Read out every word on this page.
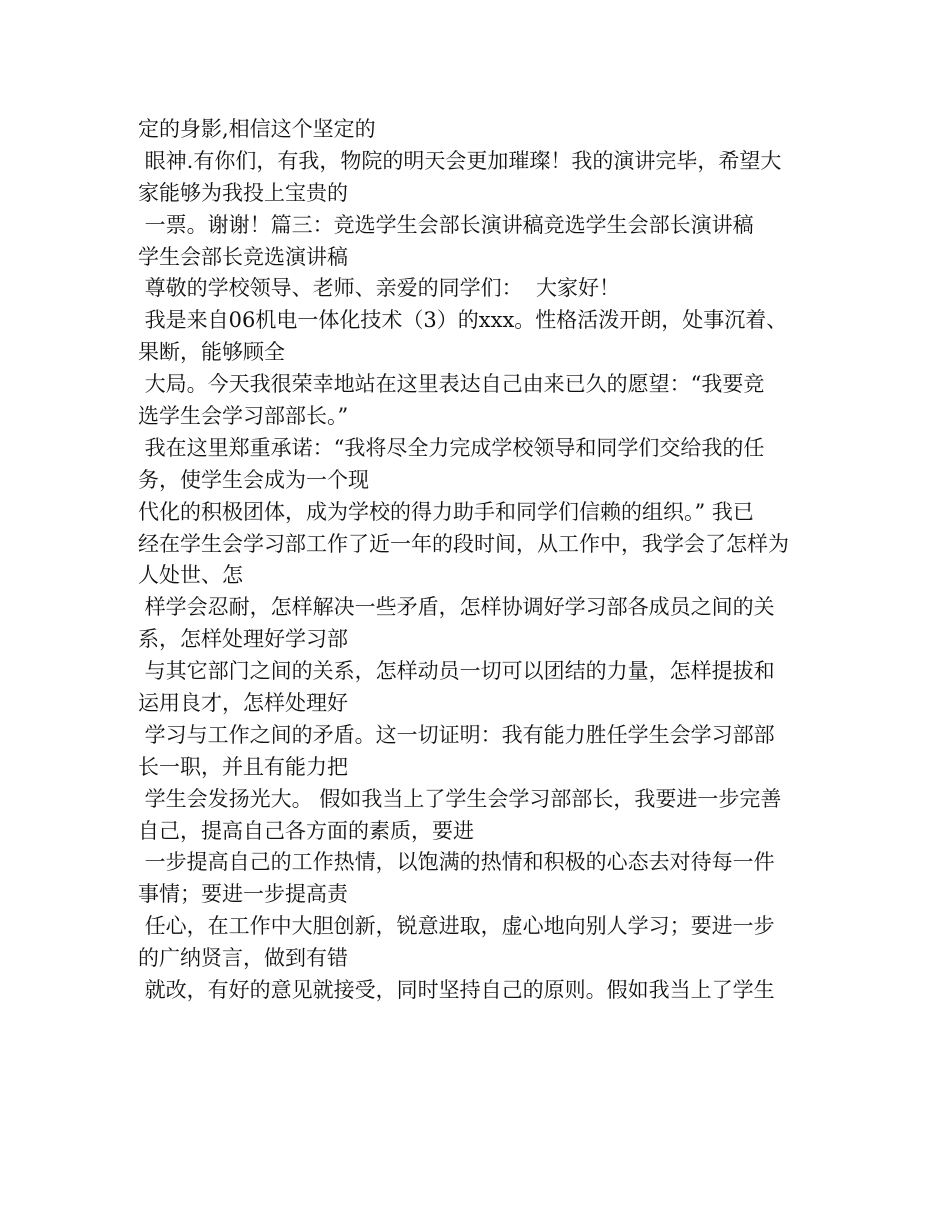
定的身影,相信这个坚定的
眼神.有你们，有我，物院的明天会更加璀璨！我的演讲完毕，希望大
家能够为我投上宝贵的
一票。谢谢！篇三：竞选学生会部长演讲稿竞选学生会部长演讲稿
学生会部长竞选演讲稿
尊敬的学校领导、老师、亲爱的同学们：  大家好！
我是来自06机电一体化技术（3）的xxx。性格活泼开朗，处事沉着、
果断，能够顾全
大局。今天我很荣幸地站在这里表达自己由来已久的愿望：“我要竞
选学生会学习部部长。”
我在这里郑重承诺：“我将尽全力完成学校领导和同学们交给我的任
务，使学生会成为一个现
代化的积极团体，成为学校的得力助手和同学们信赖的组织。” 我已
经在学生会学习部工作了近一年的段时间，从工作中，我学会了怎样为
人处世、怎
样学会忍耐，怎样解决一些矛盾，怎样协调好学习部各成员之间的关
系，怎样处理好学习部
与其它部门之间的关系，怎样动员一切可以团结的力量，怎样提拔和
运用良才，怎样处理好
学习与工作之间的矛盾。这一切证明：我有能力胜任学生会学习部部
长一职，并且有能力把
学生会发扬光大。 假如我当上了学生会学习部部长，我要进一步完善
自己，提高自己各方面的素质，要进
一步提高自己的工作热情，以饱满的热情和积极的心态去对待每一件
事情；要进一步提高责
任心，在工作中大胆创新，锐意进取，虚心地向别人学习；要进一步
的广纳贤言，做到有错
就改，有好的意见就接受，同时坚持自己的原则。假如我当上了学生
